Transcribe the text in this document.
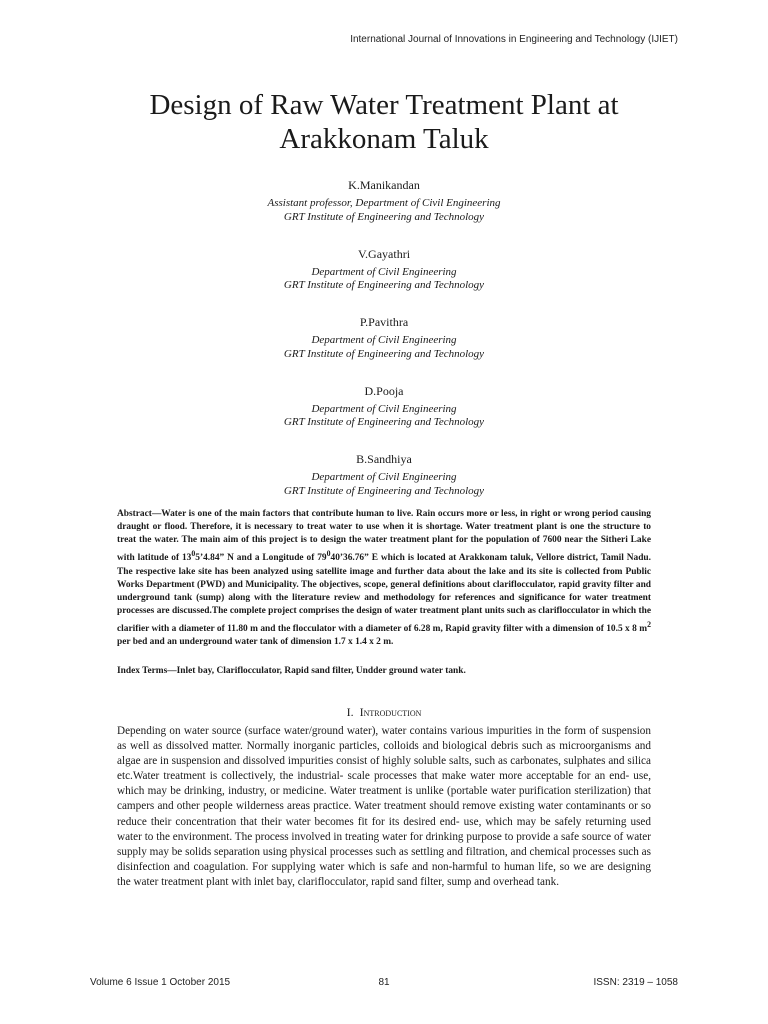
International Journal of Innovations in Engineering and Technology (IJIET)
Design of Raw Water Treatment Plant at
Arakkonam Taluk
K.Manikandan
Assistant professor, Department of Civil Engineering
GRT Institute of Engineering and Technology
V.Gayathri
Department of Civil Engineering
GRT Institute of Engineering and Technology
P.Pavithra
Department of Civil Engineering
GRT Institute of Engineering and Technology
D.Pooja
Department of Civil Engineering
GRT Institute of Engineering and Technology
B.Sandhiya
Department of Civil Engineering
GRT Institute of Engineering and Technology

Abstract—Water is one of the main factors that contribute human to live. Rain occurs more or less, in right or wrong period causing draught or flood. Therefore, it is necessary to treat water to use when it is shortage. Water treatment plant is one the structure to treat the water. The main aim of this project is to design the water treatment plant for the population of 7600 near the Sitheri Lake with latitude of $13^05’4.84$” N and a Longitude of $79^040’36.76$” E which is located at Arakkonam taluk, Vellore district, Tamil Nadu. The respective lake site has been analyzed using satellite image and further data about the lake and its site is collected from Public Works Department (PWD) and Municipality. The objectives, scope, general definitions about clariflocculator, rapid gravity filter and underground tank (sump) along with the literature review and methodology for references and significance for water treatment processes are discussed.The complete project comprises the design of water treatment plant units such as clariflocculator in which the clarifier with a diameter of 11.80 m and the flocculator with a diameter of 6.28 m, Rapid gravity filter with a dimension of 10.5 x 8 $m^2$ per bed and an underground water tank of dimension 1.7 x 1.4 x 2 m.

Index Terms—Inlet bay, Clariflocculator, Rapid sand filter, Undder ground water tank.

I. Introduction

Depending on water source (surface water/ground water), water contains various impurities in the form of suspension as well as dissolved matter. Normally inorganic particles, colloids and biological debris such as microorganisms and algae are in suspension and dissolved impurities consist of highly soluble salts, such as carbonates, sulphates and silica etc.Water treatment is collectively, the industrial- scale processes that make water more acceptable for an end- use, which may be drinking, industry, or medicine. Water treatment is unlike (portable water purification sterilization) that campers and other people wilderness areas practice. Water treatment should remove existing water contaminants or so reduce their concentration that their water becomes fit for its desired end- use, which may be safely returning used water to the environment. The process involved in treating water for drinking purpose to provide a safe source of water supply may be solids separation using physical processes such as settling and filtration, and chemical processes such as disinfection and coagulation. For supplying water which is safe and non-harmful to human life, so we are designing the water treatment plant with inlet bay, clariflocculator, rapid sand filter, sump and overhead tank.

Volume 6 Issue 1 October 2015	81	ISSN: 2319 – 1058
